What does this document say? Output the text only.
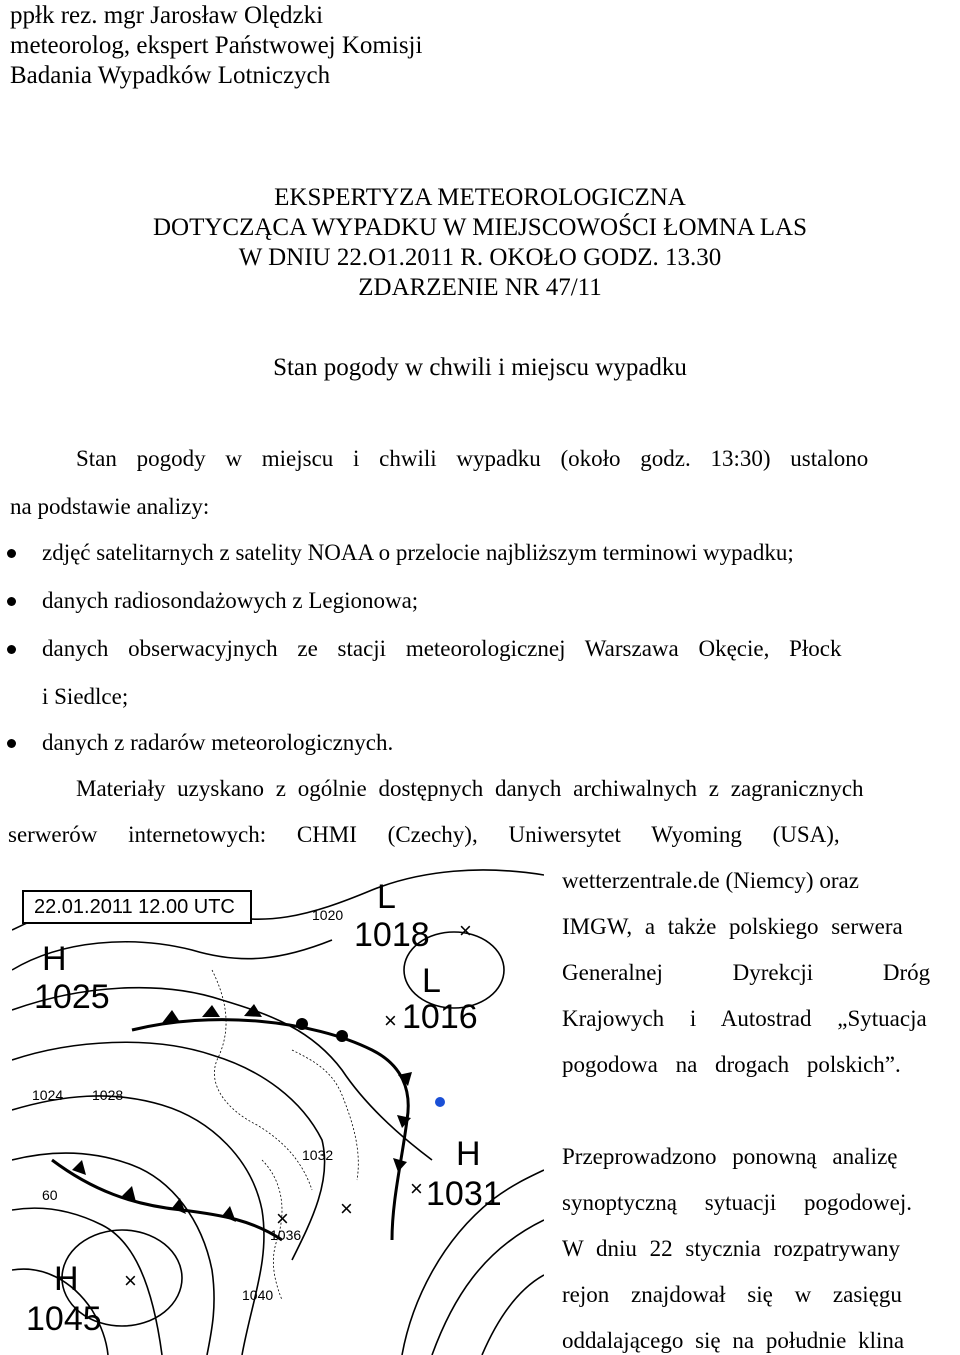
ppłk rez. mgr Jarosław Olędzki
meteorolog, ekspert Państwowej Komisji
Badania Wypadków Lotniczych
EKSPERTYZA METEOROLOGICZNA
DOTYCZĄCA WYPADKU W MIEJSCOWOŚCI ŁOMNA LAS
W DNIU 22.O1.2011 R. OKOŁO GODZ. 13.30
ZDARZENIE NR 47/11
Stan pogody w chwili i miejscu wypadku
Stan pogody w miejscu i chwili wypadku (około godz. 13:30) ustalono
na podstawie analizy:
zdjęć satelitarnych z satelity NOAA o przelocie najbliższym terminowi wypadku;
danych radiosondażowych z Legionowa;
danych obserwacyjnych ze stacji meteorologicznej Warszawa Okęcie, Płock
i Siedlce;
danych z radarów meteorologicznych.
Materiały uzyskano z ogólnie dostępnych danych archiwalnych z zagranicznych
serwerów internetowych: CHMI (Czechy), Uniwersytet Wyoming (USA),
H
1025
L
1018
L
1016
H
1031
H
1045
1020
1024 1028
1032
1036
1040
60
×
×
×
×
× ×
22.01.2011 12.00 UTC
wetterzentrale.de (Niemcy) oraz
IMGW, a także polskiego serwera
Generalnej Dyrekcji Dróg
Krajowych i Autostrad „Sytuacja
pogodowa na drogach polskich”.
Przeprowadzono ponowną analizę
synoptyczną sytuacji pogodowej.
W dniu 22 stycznia rozpatrywany
rejon znajdował się w zasięgu
oddalającego się na południe klina
